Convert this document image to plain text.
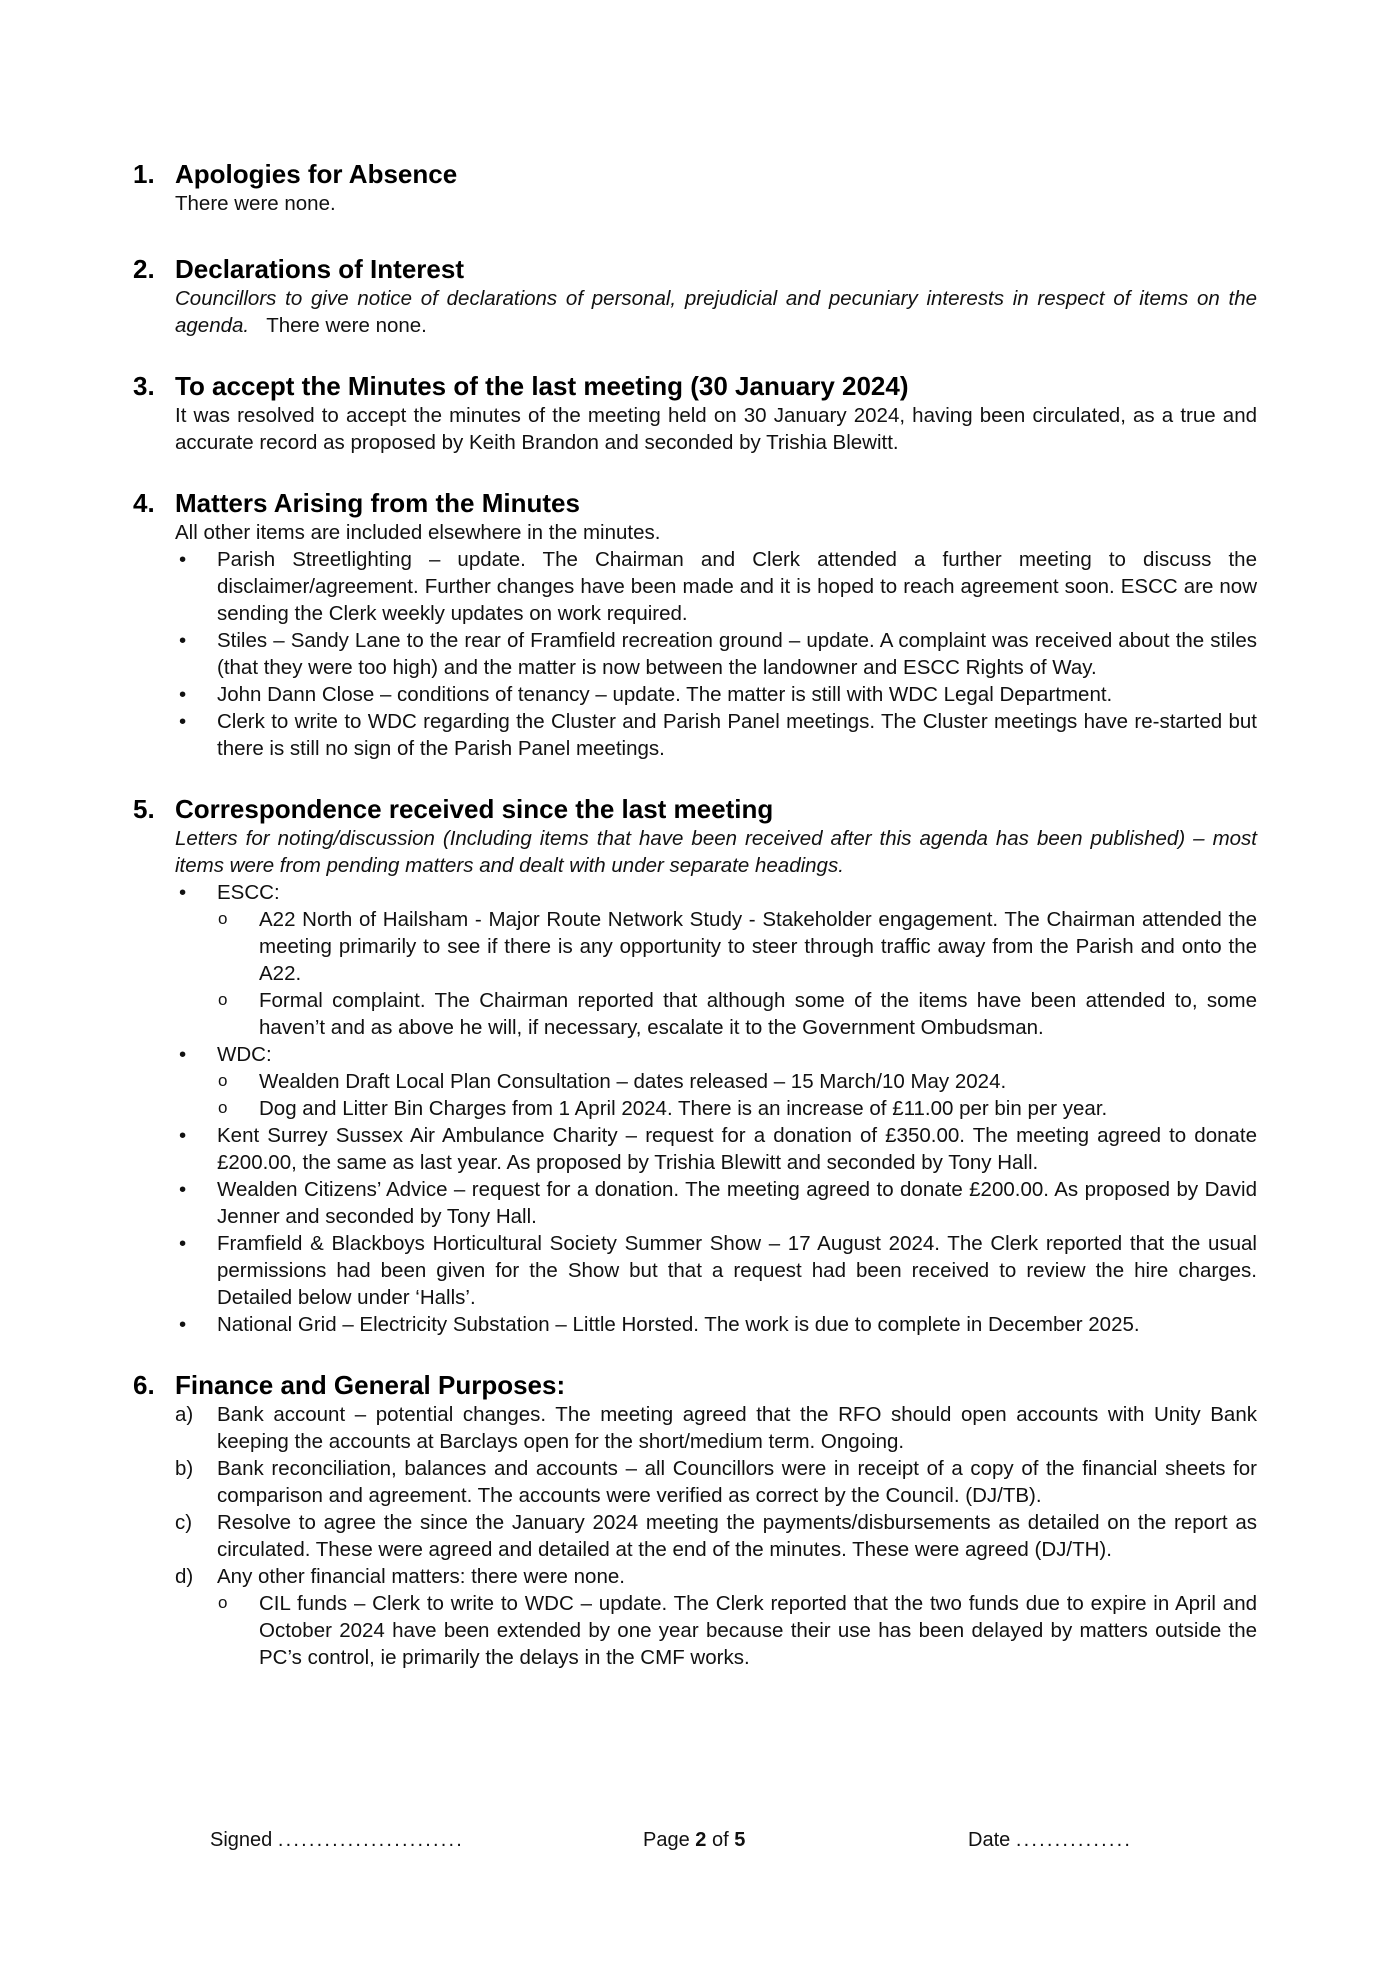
1. Apologies for Absence

There were none.

2. Declarations of Interest

Councillors to give notice of declarations of personal, prejudicial and pecuniary interests in respect of items on the agenda. There were none.

3. To accept the Minutes of the last meeting (30 January 2024)

It was resolved to accept the minutes of the meeting held on 30 January 2024, having been circulated, as a true and accurate record as proposed by Keith Brandon and seconded by Trishia Blewitt.

4. Matters Arising from the Minutes

All other items are included elsewhere in the minutes.

• Parish Streetlighting – update. The Chairman and Clerk attended a further meeting to discuss the disclaimer/agreement. Further changes have been made and it is hoped to reach agreement soon. ESCC are now sending the Clerk weekly updates on work required.
• Stiles – Sandy Lane to the rear of Framfield recreation ground – update. A complaint was received about the stiles (that they were too high) and the matter is now between the landowner and ESCC Rights of Way.
• John Dann Close – conditions of tenancy – update. The matter is still with WDC Legal Department.
• Clerk to write to WDC regarding the Cluster and Parish Panel meetings. The Cluster meetings have re-started but there is still no sign of the Parish Panel meetings.
5. Correspondence received since the last meeting

Letters for noting/discussion (Including items that have been received after this agenda has been published) – most items were from pending matters and dealt with under separate headings.

• ESCC:
o A22 North of Hailsham - Major Route Network Study - Stakeholder engagement. The Chairman attended the meeting primarily to see if there is any opportunity to steer through traffic away from the Parish and onto the A22.
o Formal complaint. The Chairman reported that although some of the items have been attended to, some haven’t and as above he will, if necessary, escalate it to the Government Ombudsman.
• WDC:
o Wealden Draft Local Plan Consultation – dates released – 15 March/10 May 2024.
o Dog and Litter Bin Charges from 1 April 2024. There is an increase of £11.00 per bin per year.
• Kent Surrey Sussex Air Ambulance Charity – request for a donation of £350.00. The meeting agreed to donate £200.00, the same as last year. As proposed by Trishia Blewitt and seconded by Tony Hall.
• Wealden Citizens’ Advice – request for a donation. The meeting agreed to donate £200.00. As proposed by David Jenner and seconded by Tony Hall.
• Framfield & Blackboys Horticultural Society Summer Show – 17 August 2024. The Clerk reported that the usual permissions had been given for the Show but that a request had been received to review the hire charges. Detailed below under ‘Halls’.
• National Grid – Electricity Substation – Little Horsted. The work is due to complete in December 2025.
6. Finance and General Purposes:
a) Bank account – potential changes. The meeting agreed that the RFO should open accounts with Unity Bank keeping the accounts at Barclays open for the short/medium term. Ongoing.
b) Bank reconciliation, balances and accounts – all Councillors were in receipt of a copy of the financial sheets for comparison and agreement. The accounts were verified as correct by the Council. (DJ/TB).
c) Resolve to agree the since the January 2024 meeting the payments/disbursements as detailed on the report as circulated. These were agreed and detailed at the end of the minutes. These were agreed (DJ/TH).
d) Any other financial matters: there were none.
o CIL funds – Clerk to write to WDC – update. The Clerk reported that the two funds due to expire in April and October 2024 have been extended by one year because their use has been delayed by matters outside the PC’s control, ie primarily the delays in the CMF works.
Signed ........................	Page 2 of 5	Date ...............
